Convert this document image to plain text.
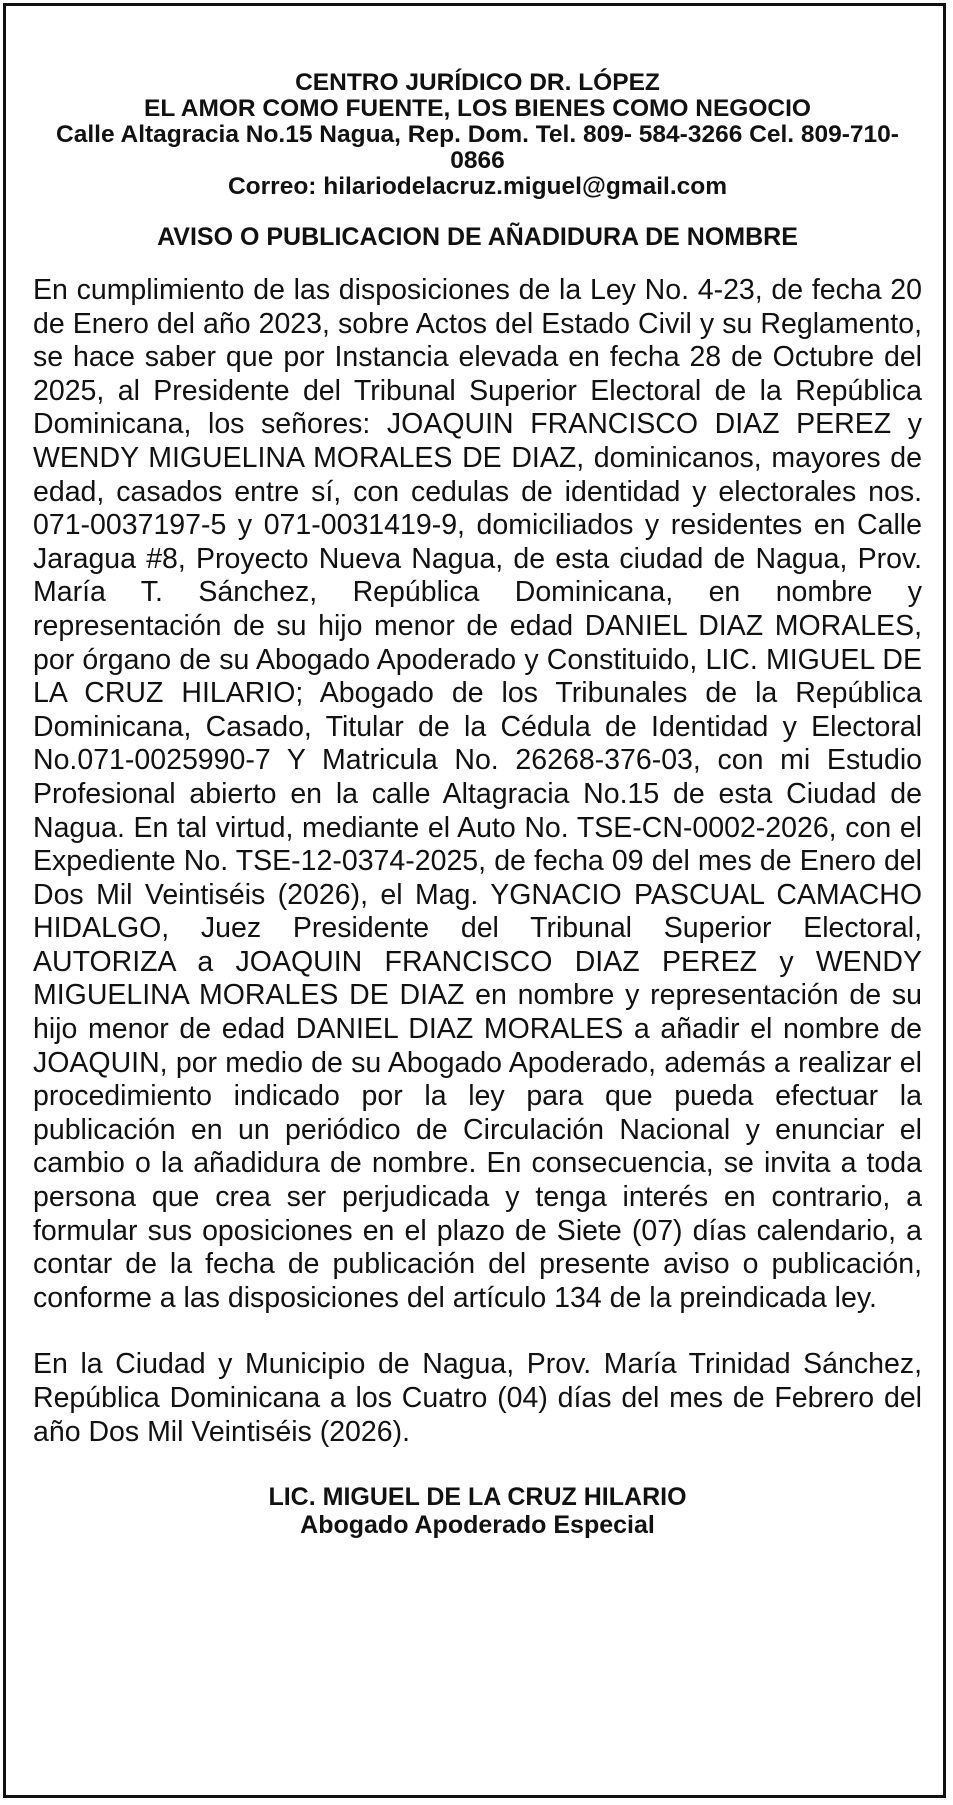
CENTRO JURÍDICO DR. LÓPEZ
EL AMOR COMO FUENTE, LOS BIENES COMO NEGOCIO
Calle Altagracia No.15 Nagua, Rep. Dom. Tel. 809- 584-3266 Cel. 809-710-0866
Correo: hilariodelacruz.miguel@gmail.com
AVISO O PUBLICACION DE AÑADIDURA DE NOMBRE

En cumplimiento de las disposiciones de la Ley No. 4-23, de fecha 20 de Enero del año 2023, sobre Actos del Estado Civil y su Reglamento, se hace saber que por Instancia elevada en fecha 28 de Octubre del 2025, al Presidente del Tribunal Superior Electoral de la República Dominicana, los señores: JOAQUIN FRANCISCO DIAZ PEREZ y WENDY MIGUELINA MORALES DE DIAZ, dominicanos, mayores de edad, casados entre sí, con cedulas de identidad y electorales nos. 071-0037197-5 y 071-0031419-9, domiciliados y residentes en Calle Jaragua #8, Proyecto Nueva Nagua, de esta ciudad de Nagua, Prov. María T. Sánchez, República Dominicana, en nombre y representación de su hijo menor de edad DANIEL DIAZ MORALES, por órgano de su Abogado Apoderado y Constituido, LIC. MIGUEL DE LA CRUZ HILARIO; Abogado de los Tribunales de la República Dominicana, Casado, Titular de la Cédula de Identidad y Electoral No.071-0025990-7 Y Matricula No. 26268-376-03, con mi Estudio Profesional abierto en la calle Altagracia No.15 de esta Ciudad de Nagua. En tal virtud, mediante el Auto No. TSE-CN-0002-2026, con el Expediente No. TSE-12-0374-2025, de fecha 09 del mes de Enero del Dos Mil Veintiséis (2026), el Mag. YGNACIO PASCUAL CAMACHO HIDALGO, Juez Presidente del Tribunal Superior Electoral, AUTORIZA a JOAQUIN FRANCISCO DIAZ PEREZ y WENDY MIGUELINA MORALES DE DIAZ en nombre y representación de su hijo menor de edad DANIEL DIAZ MORALES a añadir el nombre de JOAQUIN, por medio de su Abogado Apoderado, además a realizar el procedimiento indicado por la ley para que pueda efectuar la publicación en un periódico de Circulación Nacional y enunciar el cambio o la añadidura de nombre. En consecuencia, se invita a toda persona que crea ser perjudicada y tenga interés en contrario, a formular sus oposiciones en el plazo de Siete (07) días calendario, a contar de la fecha de publicación del presente aviso o publicación, conforme a las disposiciones del artículo 134 de la preindicada ley.

En la Ciudad y Municipio de Nagua, Prov. María Trinidad Sánchez, República Dominicana a los Cuatro (04) días del mes de Febrero del año Dos Mil Veintiséis (2026).

LIC. MIGUEL DE LA CRUZ HILARIO
Abogado Apoderado Especial
